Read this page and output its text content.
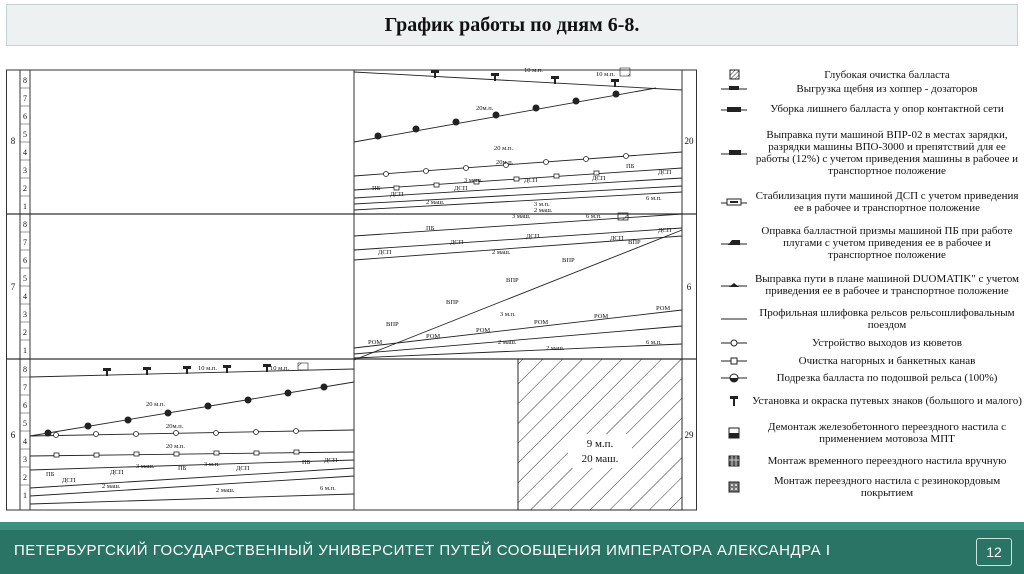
График работы по дням 6-8.
8
7
6
5
4
3
2
1
8
7
6
5
4
3
2
1
8
7
6
5
4
3
2
1
8
7
6
20
6
29
10 м.п.
10 м.п.
20м.п.
20 м.п.
20м.п.
3 маш.
2 маш.	3 м.п.
2 маш.
6 м.п.
ПБ
ДСП
ДСП
ДСП	ДСП
ДСП
ПБ
3 маш.	6 м.п.
ПБ
ДСП
ДСП
ДСП	ДСП
ДСП
2 маш.
ВПР
ВПР
ВПР
ВПР
ВПР
РОМ
РОМ
РОМ
РОМ
РОМ
РОМ
3 м.п.
2 маш.
2 маш.
6 м.п.
10 м.п.	10 м.п.
20 м.п.
20м.п.
20 м.п.
3 маш.	3 м.п.
2 маш.
2 маш.	6 м.п.
ПБ
ДСП
ДСП
ПБ	ДСП
ПБ ДСП
9 м.п.
20 маш.
Глубокая очистка балласта
Выгрузка щебня из хоппер - дозаторов
Уборка лишнего балласта у опор контактной сети
Выправка пути машиной ВПР-02 в местах зарядки, разрядки машины ВПО-3000 и препятствий для ее работы (12%) с учетом приведения машины в рабочее и транспортное положение
Стабилизация пути машиной ДСП с учетом приведения ее в рабочее и транспортное положение
Оправка балластной призмы машиной ПБ при работе плугами с учетом приведения ее в рабочее и транспортное положение
Выправка пути в плане машиной DUOMATIK" с учетом приведения ее в рабочее и транспортное положение
Профильная шлифовка рельсов рельсошлифовальным поездом
Устройство выходов из кюветов
Очистка нагорных и банкетных канав
Подрезка балласта по подошвой рельса (100%)
Установка и окраска путевых знаков (большого и малого)
Демонтаж железобетонного переездного настила с применением мотовоза МПТ
Монтаж временного переездного настила вручную
Монтаж переездного настила с резинокордовым покрытием
ПЕТЕРБУРГСКИЙ ГОСУДАРСТВЕННЫЙ УНИВЕРСИТЕТ ПУТЕЙ СООБЩЕНИЯ ИМПЕРАТОРА АЛЕКСАНДРА I	12
